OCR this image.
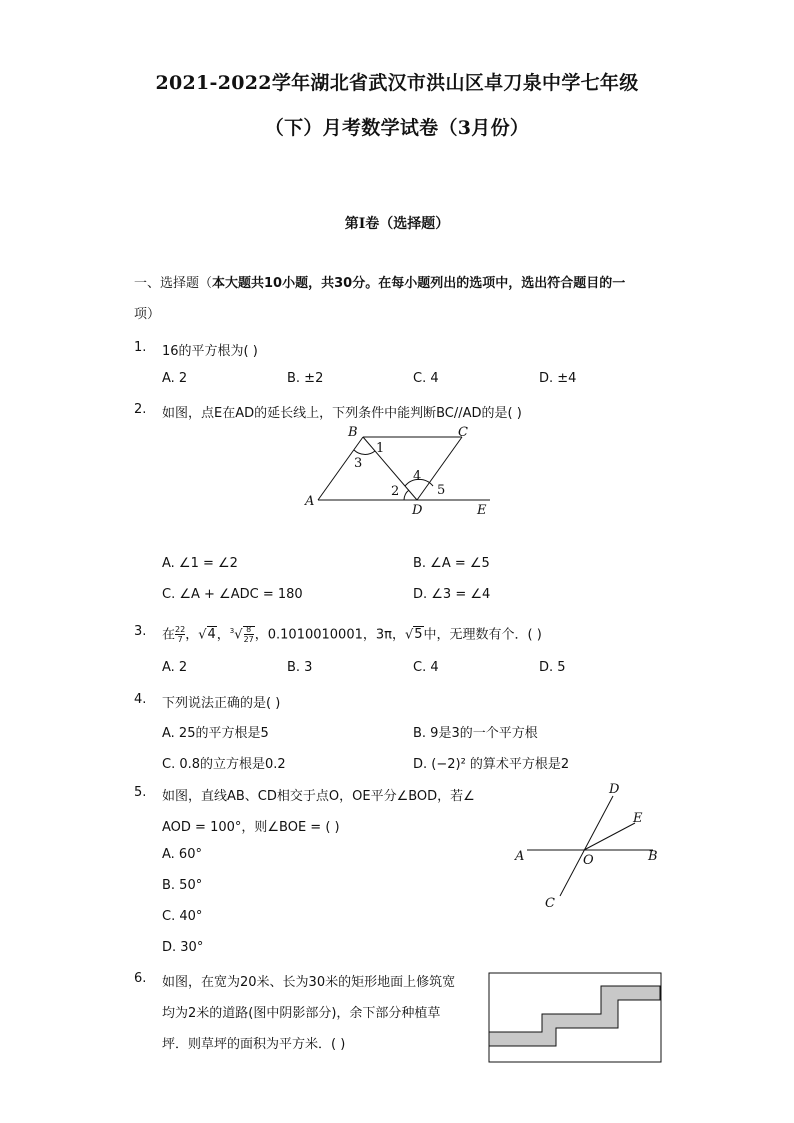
2021-2022学年湖北省武汉市洪山区卓刀泉中学七年级
（下）月考数学试卷（3月份）
第I卷（选择题）
一、选择题（本大题共10小题，共30分。在每小题列出的选项中，选出符合题目的一
项）
1. 16的平方根为( )
A. 2	B. ±2	C. 4	D. ±4
2. 如图，点E在AD的延长线上，下列条件中能判断BC//AD的是( )
B	C
A
D	E
1
3
4
2	5
A. ∠1 = ∠2	B. ∠A = ∠5
C. ∠A + ∠ADC = 180	D. ∠3 = ∠4
3. 在 $\frac{22}{7}$ ，√4，$^3√ \frac{8}{27}$ ，0.1010010001，3π，√5中，无理数有个．( )
A. 2	B. 3	C. 4	D. 5
4. 下列说法正确的是( )
A. 25的平方根是5	B. 9是3的一个平方根
C. 0.8的立方根是0.2	D. (−2)² 的算术平方根是2
5. 如图，直线AB、CD相交于点O，OE平分∠BOD，若∠
AOD = 100°，则∠BOE = ( )
A. 60°
B. 50°
C. 40°
D. 30°
D
E
A	O	B
C
6. 如图，在宽为20米、长为30米的矩形地面上修筑宽
均为2米的道路(图中阴影部分)，余下部分种植草
坪．则草坪的面积为平方米．( )
